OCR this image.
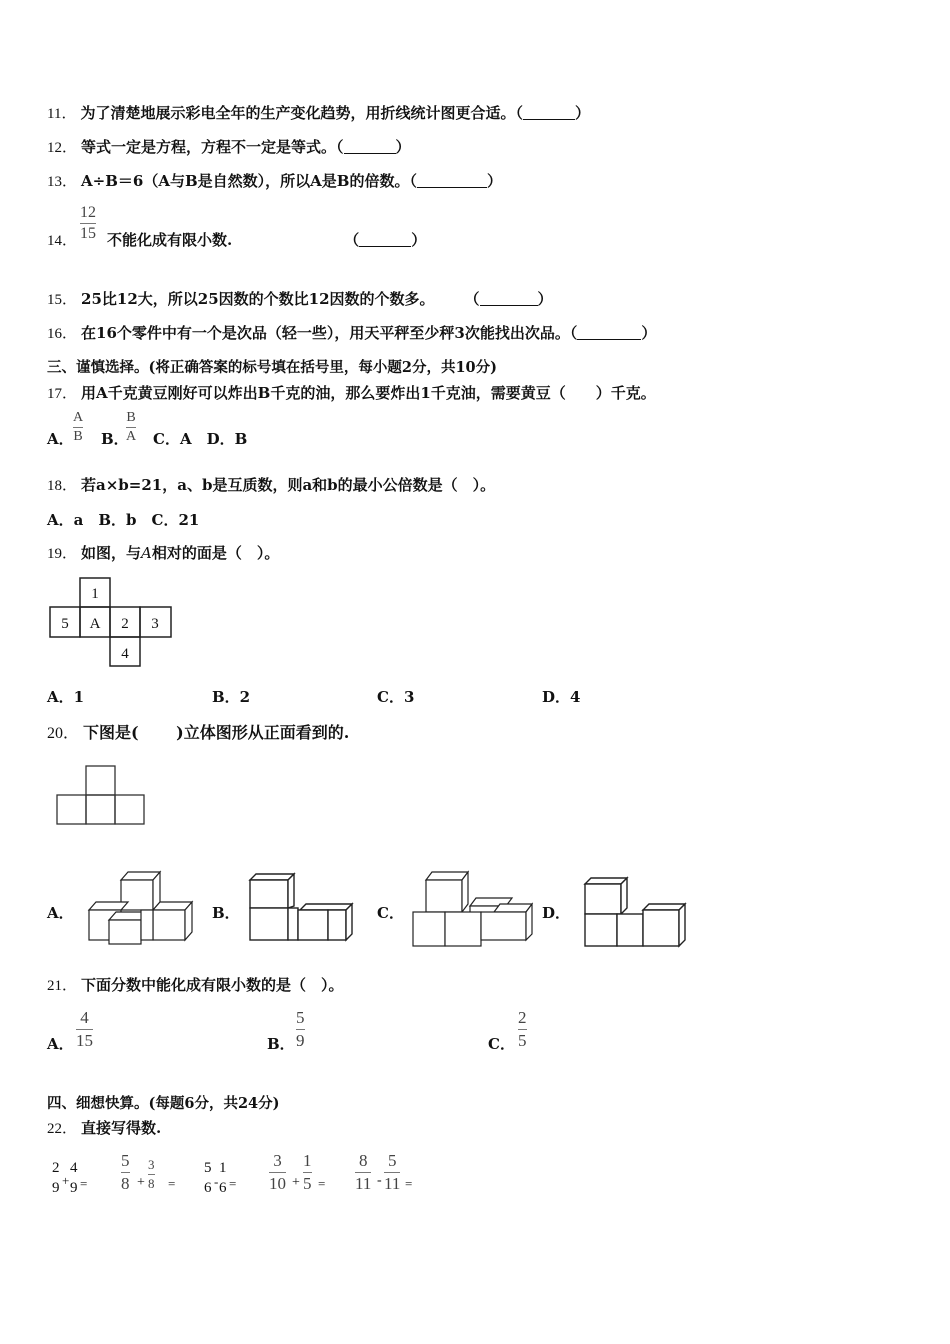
11． 为了清楚地展示彩电全年的生产变化趋势，用折线统计图更合适。（	）
12． 等式一定是方程，方程不一定是等式。（	）
13． A÷B＝6（A与B是自然数），所以A是B的倍数。（	）
14． 不能化成有限小数.	（	）
12
15
15． 25比12大，所以25因数的个数比12因数的个数多。 （	）
16． 在16个零件中有一个是次品（轻一些），用天平秤至少秤3次能找出次品。（	）
三、谨慎选择。(将正确答案的标号填在括号里，每小题2分，共10分)
17． 用A千克黄豆刚好可以炸出B千克的油，那么要炸出1千克油，需要黄豆（　　）千克。
A．
A
B B．
B
A C．A　D．B
18． 若a×b=21，a、b是互质数，则a和b的最小公倍数是（　）。
A．a　B．b　C．21
19． 如图，与A相对的面是（　）。
1
5 A 2 3
4
A．1	B．2	C．3	D．4
20． 下图是(　　 )立体图形从正面看到的.
A．	B．	C．	D．
21． 下面分数中能化成有限小数的是（　）。
A．
4
15	B．
5
9	C．
2
5
四、细想快算。(每题6分，共24分)
22． 直接写得数.
2
9 +
4
9 =
5
8 +
3
8 =
5
6 -
1
6 =
3
10 +
1
5 =
8
11 -
5
11 =
